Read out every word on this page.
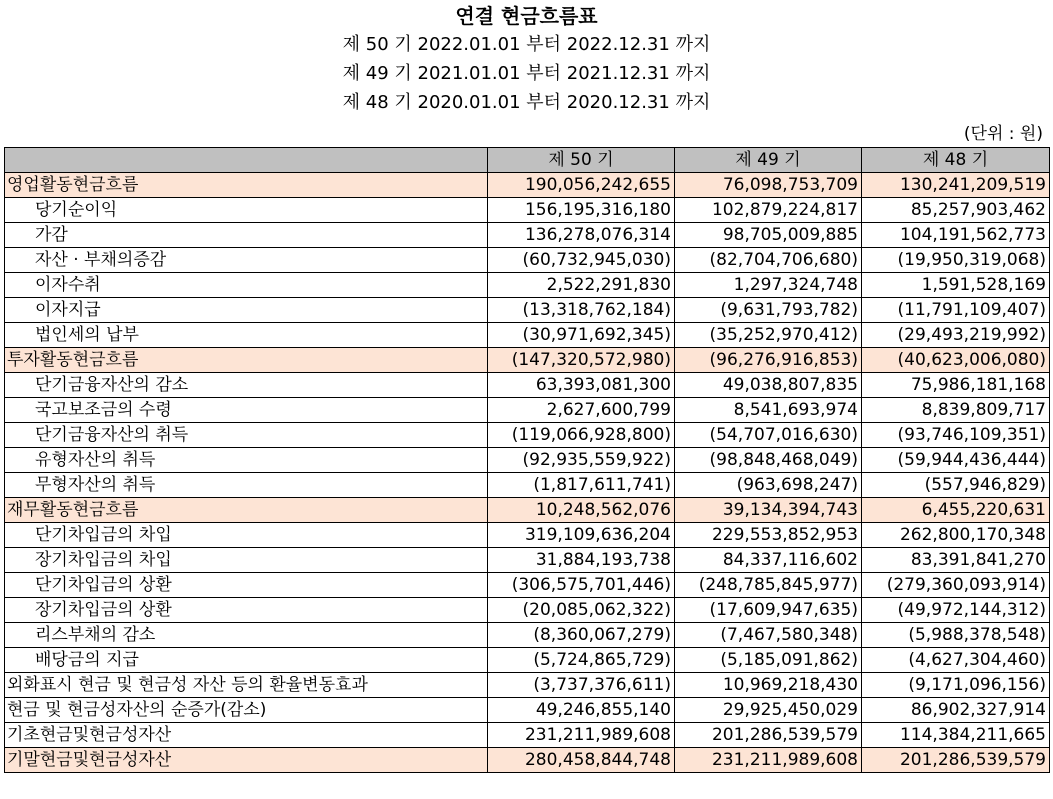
연결 현금흐름표
제 50 기 2022.01.01 부터 2022.12.31 까지
제 49 기 2021.01.01 부터 2021.12.31 까지
제 48 기 2020.01.01 부터 2020.12.31 까지
(단위 : 원)
	제 50 기	제 49 기	제 48 기
영업활동현금흐름	190,056,242,655	76,098,753,709	130,241,209,519
당기순이익	156,195,316,180	102,879,224,817	85,257,903,462
가감	136,278,076,314	98,705,009,885	104,191,562,773
자산 · 부채의증감	(60,732,945,030)	(82,704,706,680)	(19,950,319,068)
이자수취	2,522,291,830	1,297,324,748	1,591,528,169
이자지급	(13,318,762,184)	(9,631,793,782)	(11,791,109,407)
법인세의 납부	(30,971,692,345)	(35,252,970,412)	(29,493,219,992)
투자활동현금흐름	(147,320,572,980)	(96,276,916,853)	(40,623,006,080)
단기금융자산의 감소	63,393,081,300	49,038,807,835	75,986,181,168
국고보조금의 수령	2,627,600,799	8,541,693,974	8,839,809,717
단기금융자산의 취득	(119,066,928,800)	(54,707,016,630)	(93,746,109,351)
유형자산의 취득	(92,935,559,922)	(98,848,468,049)	(59,944,436,444)
무형자산의 취득	(1,817,611,741)	(963,698,247)	(557,946,829)
재무활동현금흐름	10,248,562,076	39,134,394,743	6,455,220,631
단기차입금의 차입	319,109,636,204	229,553,852,953	262,800,170,348
장기차입금의 차입	31,884,193,738	84,337,116,602	83,391,841,270
단기차입금의 상환	(306,575,701,446)	(248,785,845,977)	(279,360,093,914)
장기차입금의 상환	(20,085,062,322)	(17,609,947,635)	(49,972,144,312)
리스부채의 감소	(8,360,067,279)	(7,467,580,348)	(5,988,378,548)
배당금의 지급	(5,724,865,729)	(5,185,091,862)	(4,627,304,460)
외화표시 현금 및 현금성 자산 등의 환율변동효과	(3,737,376,611)	10,969,218,430	(9,171,096,156)
현금 및 현금성자산의 순증가(감소)	49,246,855,140	29,925,450,029	86,902,327,914
기초현금및현금성자산	231,211,989,608	201,286,539,579	114,384,211,665
기말현금및현금성자산	280,458,844,748	231,211,989,608	201,286,539,579
